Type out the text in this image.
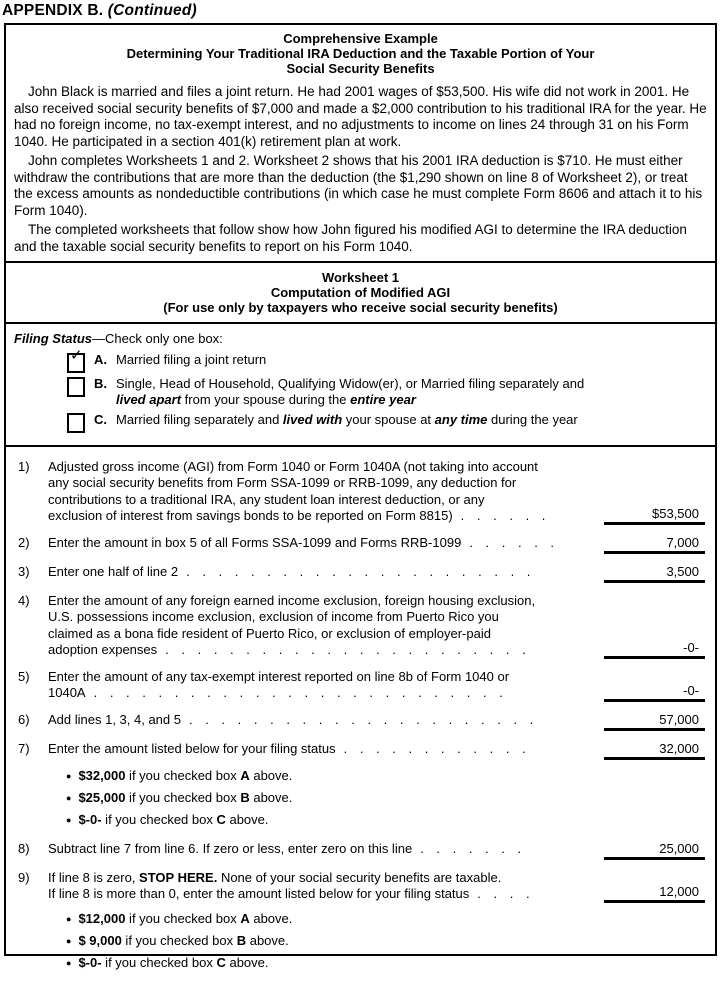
APPENDIX B. (Continued)
Comprehensive Example
Determining Your Traditional IRA Deduction and the Taxable Portion of Your
Social Security Benefits

John Black is married and files a joint return. He had 2001 wages of $53,500. His wife did not work in 2001. He also received social security benefits of $7,000 and made a $2,000 contribution to his traditional IRA for the year. He had no foreign income, no tax-exempt interest, and no adjustments to income on lines 24 through 31 on his Form 1040. He participated in a section 401(k) retirement plan at work.

John completes Worksheets 1 and 2. Worksheet 2 shows that his 2001 IRA deduction is $710. He must either withdraw the contributions that are more than the deduction (the $1,290 shown on line 8 of Worksheet 2), or treat the excess amounts as nondeductible contributions (in which case he must complete Form 8606 and attach it to his Form 1040).

The completed worksheets that follow show how John figured his modified AGI to determine the IRA deduction and the taxable social security benefits to report on his Form 1040.

Worksheet 1
Computation of Modified AGI
(For use only by taxpayers who receive social security benefits)
Filing Status—Check only one box:
✓ A. Married filing a joint return
B. Single, Head of Household, Qualifying Widow(er), or Married filing separately and
lived apart from your spouse during the entire year
C. Married filing separately and lived with your spouse at any time during the year
1)	Adjusted gross income (AGI) from Form 1040 or Form 1040A (not taking into account
any social security benefits from Form SSA-1099 or RRB-1099, any deduction for
contributions to a traditional IRA, any student loan interest deduction, or any
exclusion of interest from savings bonds to be reported on Form 8815) . . . . . .	$53,500
2)	Enter the amount in box 5 of all Forms SSA-1099 and Forms RRB-1099 . . . . . .	7,000
3)	Enter one half of line 2 . . . . . . . . . . . . . . . . . . . . . .	3,500
4)	Enter the amount of any foreign earned income exclusion, foreign housing exclusion,
U.S. possessions income exclusion, exclusion of income from Puerto Rico you
claimed as a bona fide resident of Puerto Rico, or exclusion of employer-paid
adoption expenses . . . . . . . . . . . . . . . . . . . . . . .	-0-
5)	Enter the amount of any tax-exempt interest reported on line 8b of Form 1040 or
1040A . . . . . . . . . . . . . . . . . . . . . . . . . .	-0-
6)	Add lines 1, 3, 4, and 5 . . . . . . . . . . . . . . . . . . . . . .	57,000
7)	Enter the amount listed below for your filing status . . . . . . . . . . . .	32,000
● $32,000 if you checked box A above.
● $25,000 if you checked box B above.
● $-0- if you checked box C above.
8)	Subtract line 7 from line 6. If zero or less, enter zero on this line . . . . . . .	25,000
9)	If line 8 is zero, STOP HERE. None of your social security benefits are taxable.
If line 8 is more than 0, enter the amount listed below for your filing status . . . .	12,000
● $12,000 if you checked box A above.
● $ 9,000 if you checked box B above.
● $-0- if you checked box C above.
